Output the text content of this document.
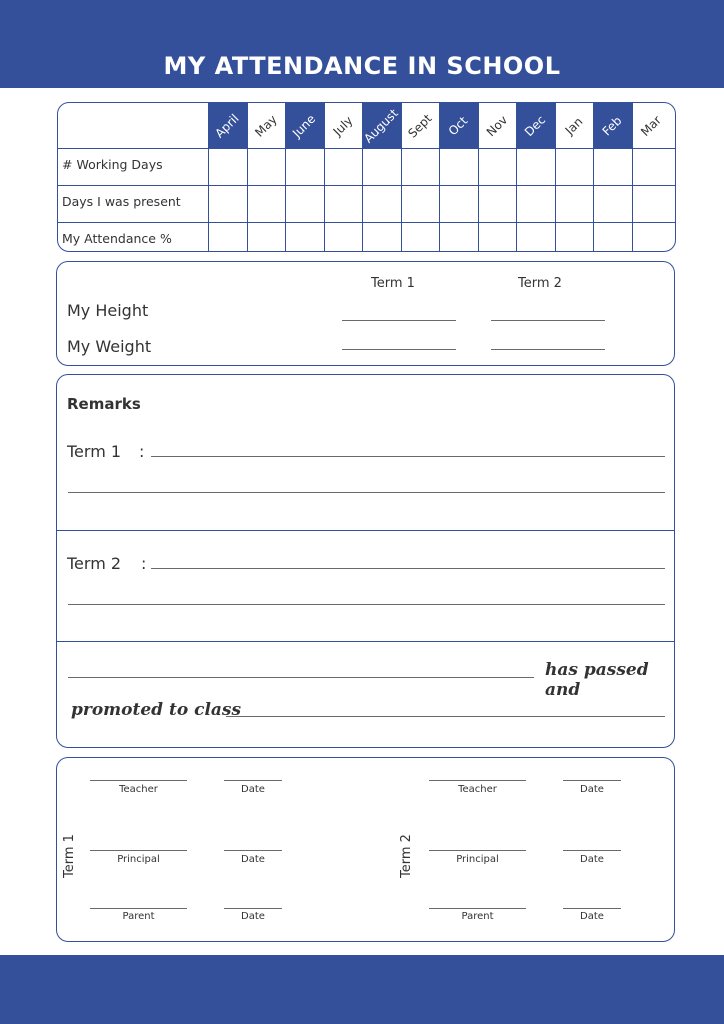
MY ATTENDANCE IN SCHOOL
April May June July August Sept Oct Nov Dec Jan Feb Mar
# Working Days
Days I was present
My Attendance %
Term 1	Term 2
My Height
My Weight
Remarks
Term 1 :
Term 2 :
has passed and
promoted to class
Term 1
Teacher	Date
Principal	Date
Parent	Date
Term 2
Teacher	Date
Principal	Date
Parent	Date
